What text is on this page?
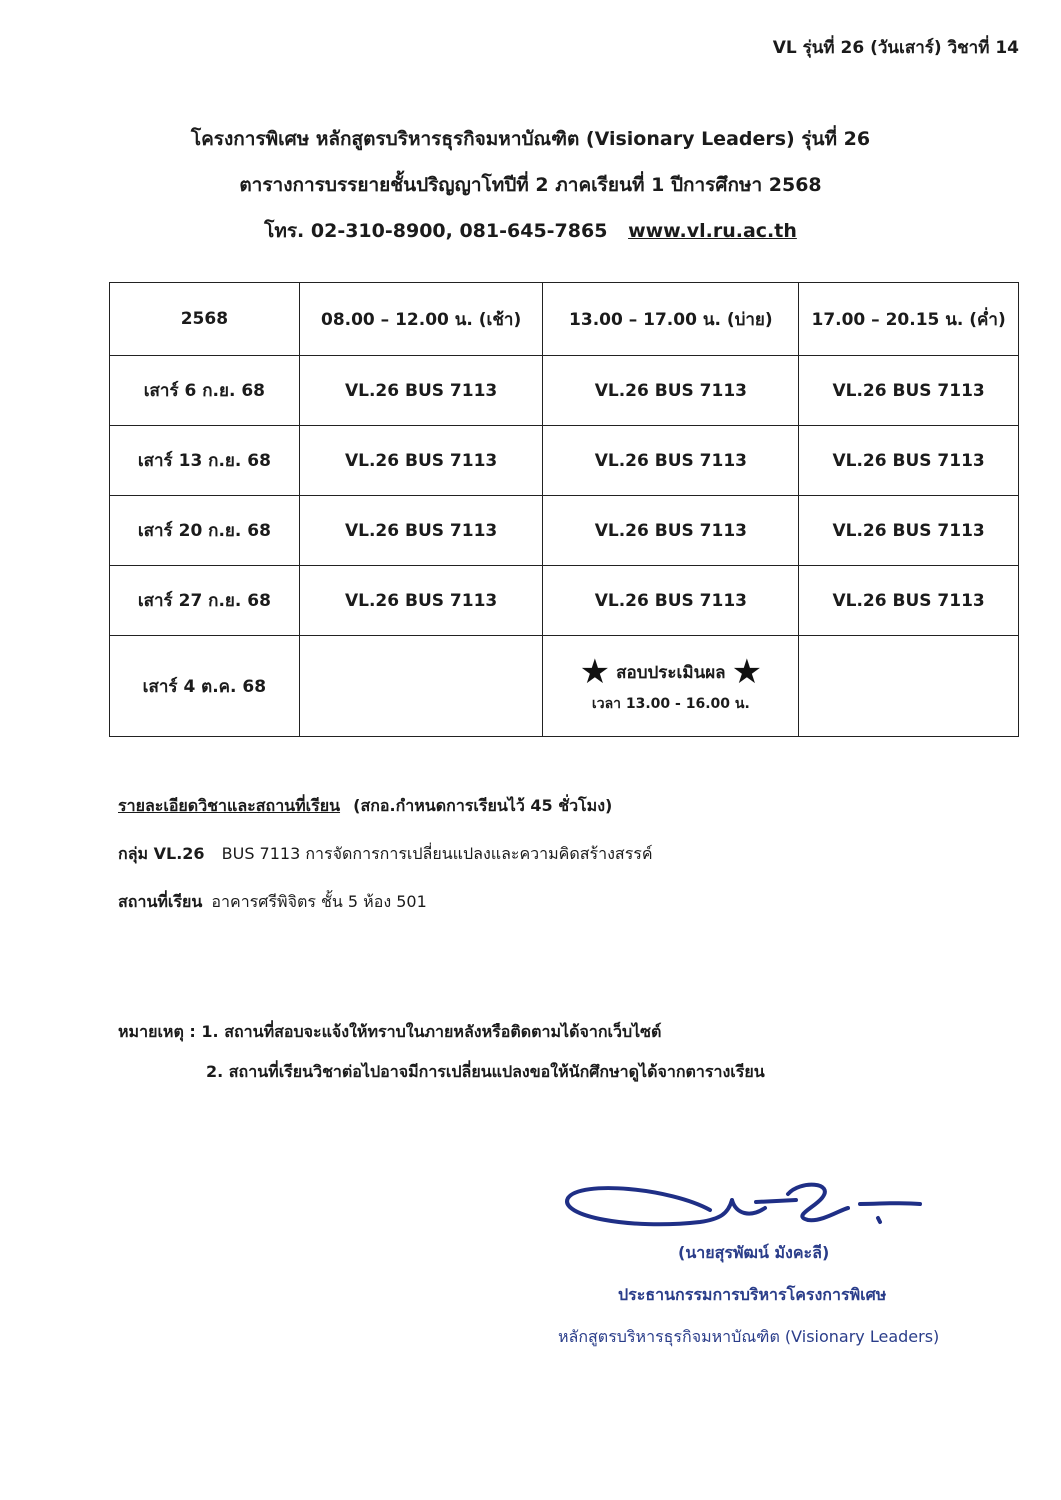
VL รุ่นที่ 26 (วันเสาร์) วิชาที่ 14
โครงการพิเศษ หลักสูตรบริหารธุรกิจมหาบัณฑิต (Visionary Leaders) รุ่นที่ 26
ตารางการบรรยายชั้นปริญญาโทปีที่ 2 ภาคเรียนที่ 1 ปีการศึกษา 2568
โทร. 02-310-8900, 081-645-7865 www.vl.ru.ac.th
2568	08.00 – 12.00 น. (เช้า)	13.00 – 17.00 น. (บ่าย)	17.00 – 20.15 น. (ค่ำ)
เสาร์ 6 ก.ย. 68	VL.26 BUS 7113	VL.26 BUS 7113	VL.26 BUS 7113
เสาร์ 13 ก.ย. 68	VL.26 BUS 7113	VL.26 BUS 7113	VL.26 BUS 7113
เสาร์ 20 ก.ย. 68	VL.26 BUS 7113	VL.26 BUS 7113	VL.26 BUS 7113
เสาร์ 27 ก.ย. 68	VL.26 BUS 7113	VL.26 BUS 7113	VL.26 BUS 7113
เสาร์ 4 ต.ค. 68		★ สอบประเมินผล ★
เวลา 13.00 - 16.00 น.	

รายละเอียดวิชาและสถานที่เรียน (สกอ.กำหนดการเรียนไว้ 45 ชั่วโมง)
กลุ่ม VL.26 BUS 7113 การจัดการการเปลี่ยนแปลงและความคิดสร้างสรรค์
สถานที่เรียน อาคารศรีพิจิตร ชั้น 5 ห้อง 501
หมายเหตุ : 1. สถานที่สอบจะแจ้งให้ทราบในภายหลังหรือติดตามได้จากเว็บไซต์
2. สถานที่เรียนวิชาต่อไปอาจมีการเปลี่ยนแปลงขอให้นักศึกษาดูได้จากตารางเรียน
(นายสุรพัฒน์ มังคะลี)
ประธานกรรมการบริหารโครงการพิเศษ
หลักสูตรบริหารธุรกิจมหาบัณฑิต (Visionary Leaders)
